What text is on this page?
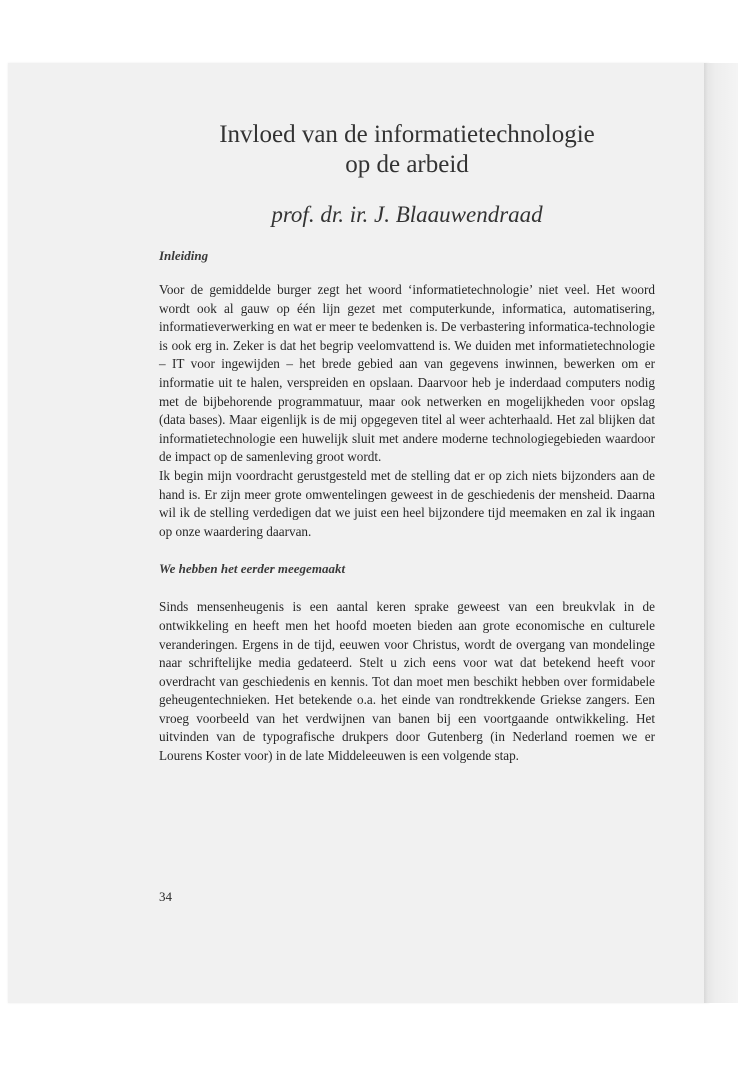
Invloed van de informatietechnologie
op de arbeid

prof. dr. ir. J. Blaauwendraad

Inleiding

Voor de gemiddelde burger zegt het woord ‘informatietechnologie’ niet veel. Het woord wordt ook al gauw op één lijn gezet met computerkunde, informatica, automatisering, informatieverwerking en wat er meer te bedenken is. De verbastering informatica-technologie is ook erg in. Zeker is dat het begrip veelomvattend is. We duiden met informatietechnologie – IT voor ingewijden – het brede gebied aan van gegevens inwinnen, bewerken om er informatie uit te halen, verspreiden en opslaan. Daarvoor heb je inderdaad computers nodig met de bijbehorende programmatuur, maar ook netwerken en mogelijkheden voor opslag (data bases). Maar eigenlijk is de mij opgegeven titel al weer achterhaald. Het zal blijken dat informatietechnologie een huwelijk sluit met andere moderne technologiegebieden waardoor de impact op de samenleving groot wordt.

Ik begin mijn voordracht gerustgesteld met de stelling dat er op zich niets bijzonders aan de hand is. Er zijn meer grote omwentelingen geweest in de geschiedenis der mensheid. Daarna wil ik de stelling verdedigen dat we juist een heel bijzondere tijd meemaken en zal ik ingaan op onze waardering daarvan.

We hebben het eerder meegemaakt

Sinds mensenheugenis is een aantal keren sprake geweest van een breukvlak in de ontwikkeling en heeft men het hoofd moeten bieden aan grote economische en culturele veranderingen. Ergens in de tijd, eeuwen voor Christus, wordt de overgang van mondelinge naar schriftelijke media gedateerd. Stelt u zich eens voor wat dat betekend heeft voor overdracht van geschiedenis en kennis. Tot dan moet men beschikt hebben over formidabele geheugentechnieken. Het betekende o.a. het einde van rondtrekkende Griekse zangers. Een vroeg voorbeeld van het verdwijnen van banen bij een voortgaande ontwikkeling. Het uitvinden van de typografische drukpers door Gutenberg (in Nederland roemen we er Lourens Koster voor) in de late Middeleeuwen is een volgende stap.

34
